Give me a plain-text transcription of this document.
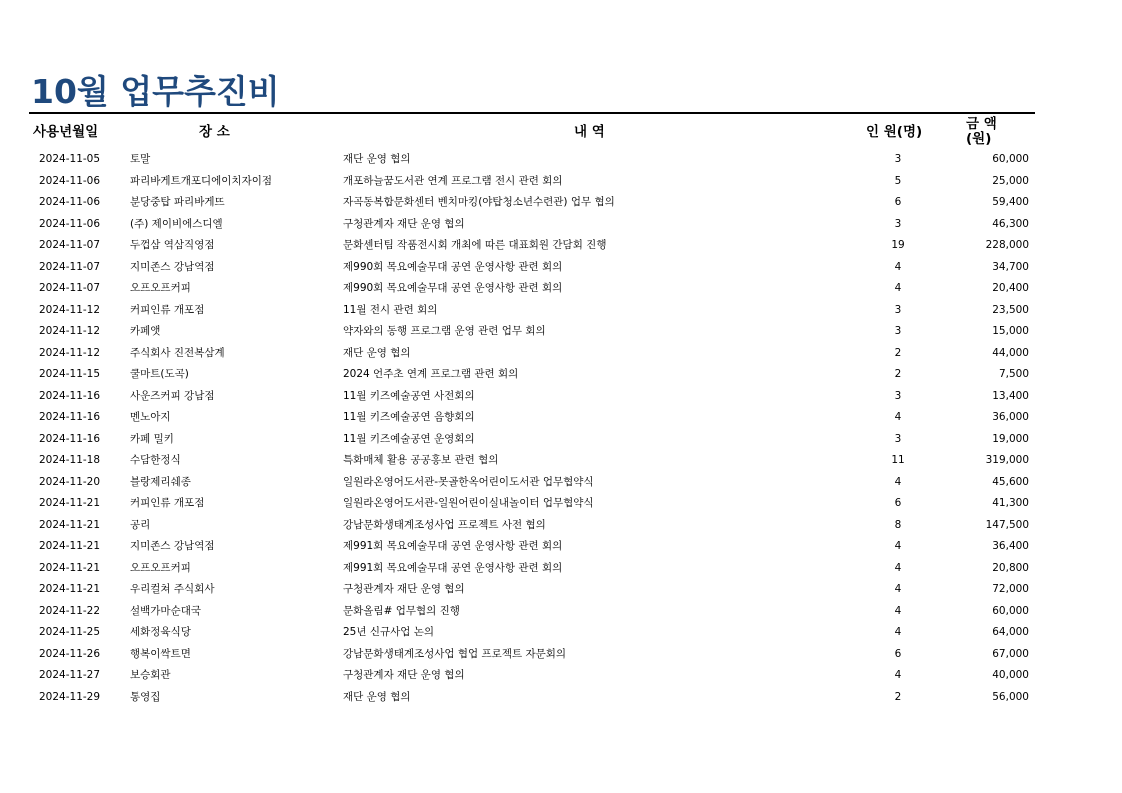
10월 업무추진비
사용년월일	장 소	내 역	인 원(명)	금 액
(원)
2024-11-05	토말	재단 운영 협의	3	60,000
2024-11-06	파리바게트개포디에이치자이점	개포하늘꿈도서관 연계 프로그램 전시 관련 회의	5	25,000
2024-11-06	분당중탑 파리바게뜨	자곡동복합문화센터 벤치마킹(야탑청소년수련관) 업무 협의	6	59,400
2024-11-06	(주) 제이비에스디엘	구청관계자 재단 운영 협의	3	46,300
2024-11-07	두껍삼 역삼직영점	문화센터팀 작품전시회 개최에 따른 대표회원 간담회 진행	19	228,000
2024-11-07	지미존스 강남역점	제990회 목요예술무대 공연 운영사항 관련 회의	4	34,700
2024-11-07	오프오프커피	제990회 목요예술무대 공연 운영사항 관련 회의	4	20,400
2024-11-12	커피인류 개포점	11월 전시 관련 회의	3	23,500
2024-11-12	카페앳	약자와의 동행 프로그램 운영 관련 업무 회의	3	15,000
2024-11-12	주식회사 진전복삼계	재단 운영 협의	2	44,000
2024-11-15	쿨마트(도곡)	2024 언주초 연계 프로그램 관련 회의	2	7,500
2024-11-16	사운즈커피 강남점	11월 키즈예술공연 사전회의	3	13,400
2024-11-16	멘노아지	11월 키즈예술공연 음향회의	4	36,000
2024-11-16	카페 밀키	11월 키즈예술공연 운영회의	3	19,000
2024-11-18	수담한정식	특화매체 활용 공공홍보 관련 협의	11	319,000
2024-11-20	블랑제리쉐종	일원라온영어도서관-못골한옥어린이도서관 업무협약식	4	45,600
2024-11-21	커피인류 개포점	일원라온영어도서관-일원어린이실내놀이터 업무협약식	6	41,300
2024-11-21	공리	강남문화생태계조성사업 프로젝트 사전 협의	8	147,500
2024-11-21	지미존스 강남역점	제991회 목요예술무대 공연 운영사항 관련 회의	4	36,400
2024-11-21	오프오프커피	제991회 목요예술무대 공연 운영사항 관련 회의	4	20,800
2024-11-21	우리컬쳐 주식회사	구청관계자 재단 운영 협의	4	72,000
2024-11-22	설백가마순대국	문화올림# 업무협의 진행	4	60,000
2024-11-25	세화정육식당	25년 신규사업 논의	4	64,000
2024-11-26	행복이싹트면	강남문화생태계조성사업 협업 프로젝트 자문회의	6	67,000
2024-11-27	보승회관	구청관계자 재단 운영 협의	4	40,000
2024-11-29	통영집	재단 운영 협의	2	56,000
